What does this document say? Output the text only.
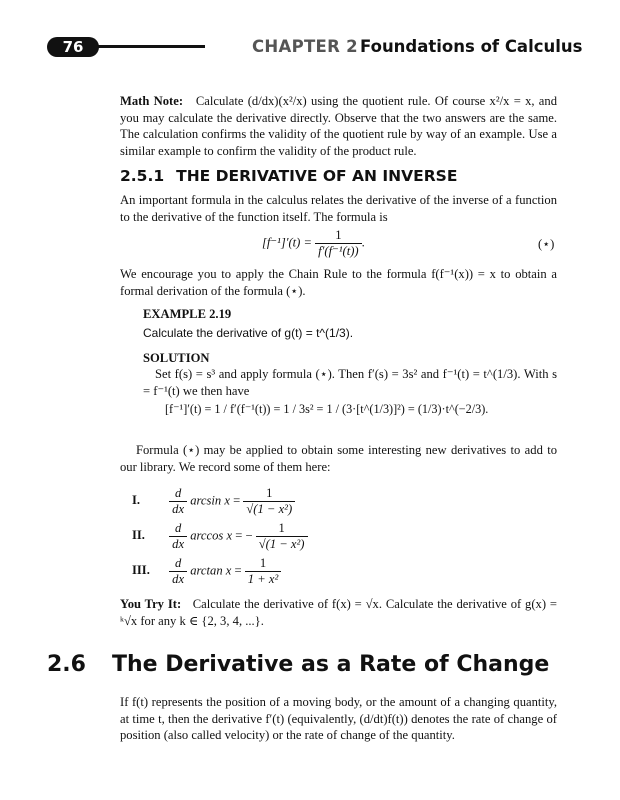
76	CHAPTER 2 Foundations of Calculus
Math Note: Calculate (d/dx)(x²/x) using the quotient rule. Of course x²/x = x, and you may calculate the derivative directly. Observe that the two answers are the same. The calculation confirms the validity of the quotient rule by way of an example. Use a similar example to confirm the validity of the product rule.
2.5.1 THE DERIVATIVE OF AN INVERSE
An important formula in the calculus relates the derivative of the inverse of a function to the derivative of the function itself. The formula is
$[f^{-1}]'(t) = \frac{1}{\text{f′(f⁻¹(t))}}$ .	(⋆)
We encourage you to apply the Chain Rule to the formula f(f⁻¹(x)) = x to obtain a formal derivation of the formula (⋆).
EXAMPLE 2.19
Calculate the derivative of g(t) = t^(1/3).
SOLUTION
Set f(s) = s³ and apply formula (⋆). Then f′(s) = 3s² and f⁻¹(t) = t^(1/3). With s = f⁻¹(t) we then have
[f⁻¹]′(t) = 1 / f′(f⁻¹(t)) = 1 / 3s² = 1 / (3·[t^(1/3)]²) = (1/3)·t^(−2/3).
Formula (⋆) may be applied to obtain some interesting new derivatives to add to our library. We record some of them here:
I. $\frac{d}{dx}$ $\arcsin x = \frac{1}{\text{√(1 − x²)}}$
II. $\frac{d}{dx}$ arccos x = − $\frac{1}{\text{√(1 − x²)}}$
III. $\frac{d}{dx}$ $\arctan x = \frac{1}{\text{1 + x²}}$
You Try It: Calculate the derivative of f(x) = √x. Calculate the derivative of g(x) = ᵏ√x for any k ∈ {2, 3, 4, ...}.
2.6 The Derivative as a Rate of Change
If f(t) represents the position of a moving body, or the amount of a changing quantity, at time t, then the derivative f′(t) (equivalently, (d/dt)f(t)) denotes the rate of change of position (also called velocity) or the rate of change of the quantity.
